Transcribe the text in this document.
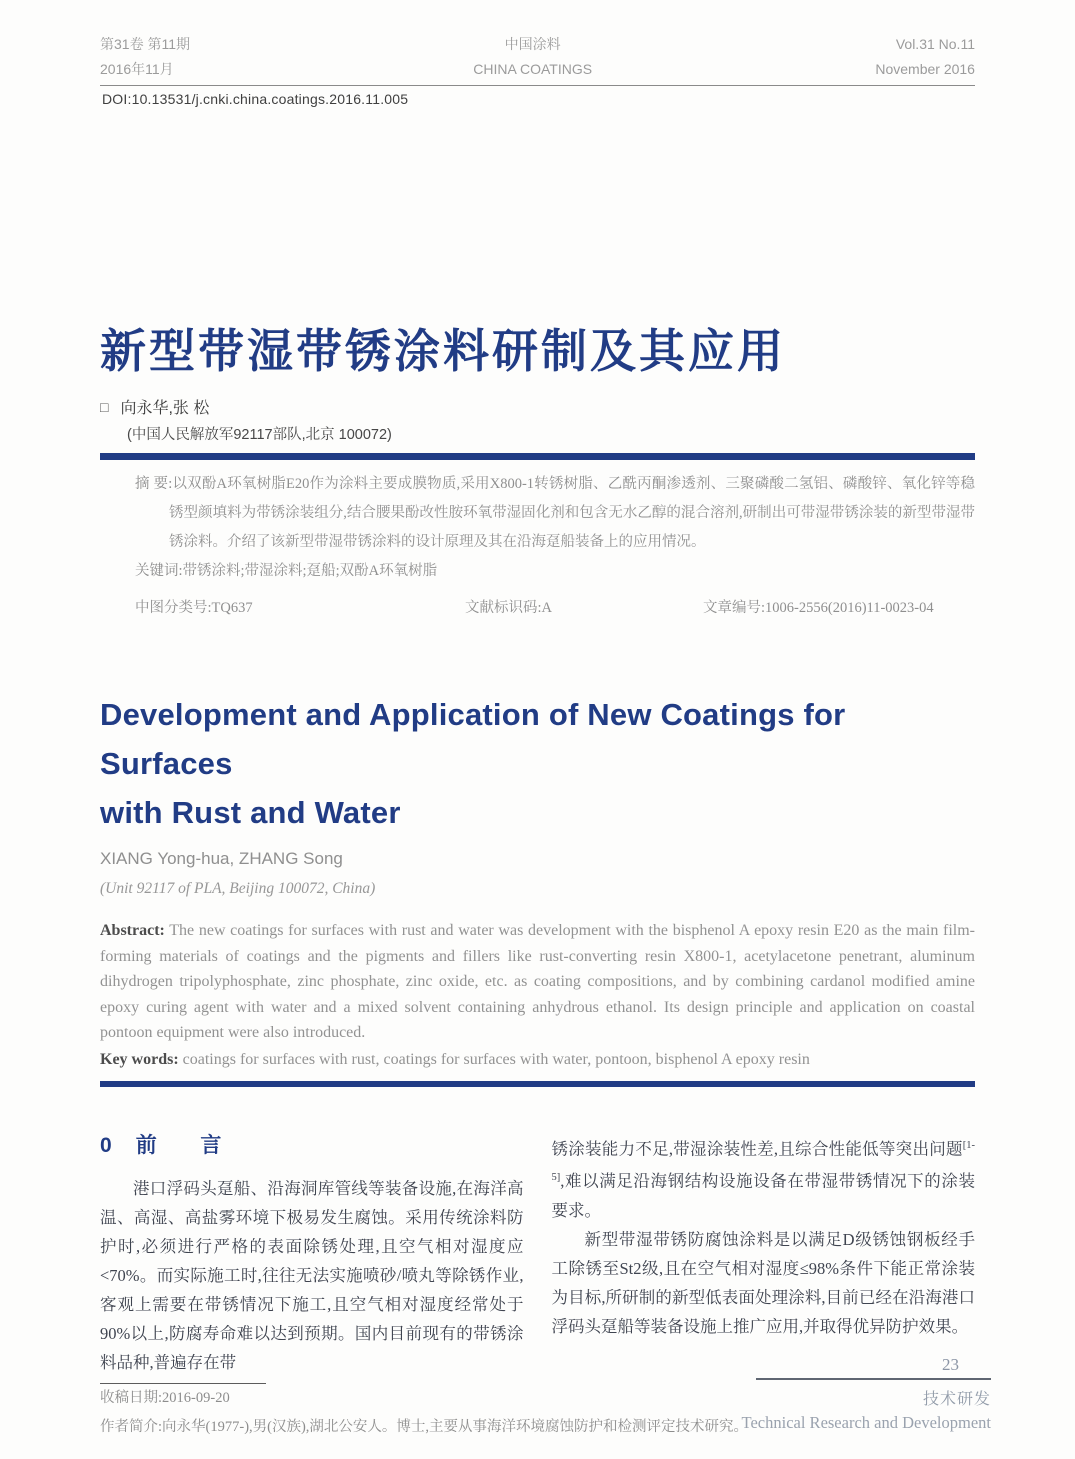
第31卷 第11期
2016年11月
中国涂料
CHINA COATINGS
Vol.31 No.11
November 2016
DOI:10.13531/j.cnki.china.coatings.2016.11.005
新型带湿带锈涂料研制及其应用
□ 向永华,张 松
(中国人民解放军92117部队,北京 100072)

摘 要:以双酚A环氧树脂E20作为涂料主要成膜物质,采用X800-1转锈树脂、乙酰丙酮渗透剂、三聚磷酸二氢铝、磷酸锌、氧化锌等稳锈型颜填料为带锈涂装组分,结合腰果酚改性胺环氧带湿固化剂和包含无水乙醇的混合溶剂,研制出可带湿带锈涂装的新型带湿带锈涂料。介绍了该新型带湿带锈涂料的设计原理及其在沿海趸船装备上的应用情况。

关键词:带锈涂料;带湿涂料;趸船;双酚A环氧树脂

中图分类号:TQ637	文献标识码:A	文章编号:1006-2556(2016)11-0023-04
Development and Application of New Coatings for Surfaces
with Rust and Water
XIANG Yong-hua, ZHANG Song
(Unit 92117 of PLA, Beijing 100072, China)

Abstract: The new coatings for surfaces with rust and water was development with the bisphenol A epoxy resin E20 as the main film-forming materials of coatings and the pigments and fillers like rust-converting resin X800-1, acetylacetone penetrant, aluminum dihydrogen tripolyphosphate, zinc phosphate, zinc oxide, etc. as coating compositions, and by combining cardanol modified amine epoxy curing agent with water and a mixed solvent containing anhydrous ethanol. Its design principle and application on coastal pontoon equipment were also introduced.

Key words: coatings for surfaces with rust, coatings for surfaces with water, pontoon, bisphenol A epoxy resin

0 前 言

港口浮码头趸船、沿海洞库管线等装备设施,在海洋高温、高湿、高盐雾环境下极易发生腐蚀。采用传统涂料防护时,必须进行严格的表面除锈处理,且空气相对湿度应<70%。而实际施工时,往往无法实施喷砂/喷丸等除锈作业,客观上需要在带锈情况下施工,且空气相对湿度经常处于90%以上,防腐寿命难以达到预期。国内目前现有的带锈涂料品种,普遍存在带

锈涂装能力不足,带湿涂装性差,且综合性能低等突出问题[1-5],难以满足沿海钢结构设施设备在带湿带锈情况下的涂装要求。

新型带湿带锈防腐蚀涂料是以满足D级锈蚀钢板经手工除锈至St2级,且在空气相对湿度≤98%条件下能正常涂装为目标,所研制的新型低表面处理涂料,目前已经在沿海港口浮码头趸船等装备设施上推广应用,并取得优异防护效果。

收稿日期:2016-09-20
作者简介:向永华(1977-),男(汉族),湖北公安人。博士,主要从事海洋环境腐蚀防护和检测评定技术研究。
23
技术研发
Technical Research and Development
